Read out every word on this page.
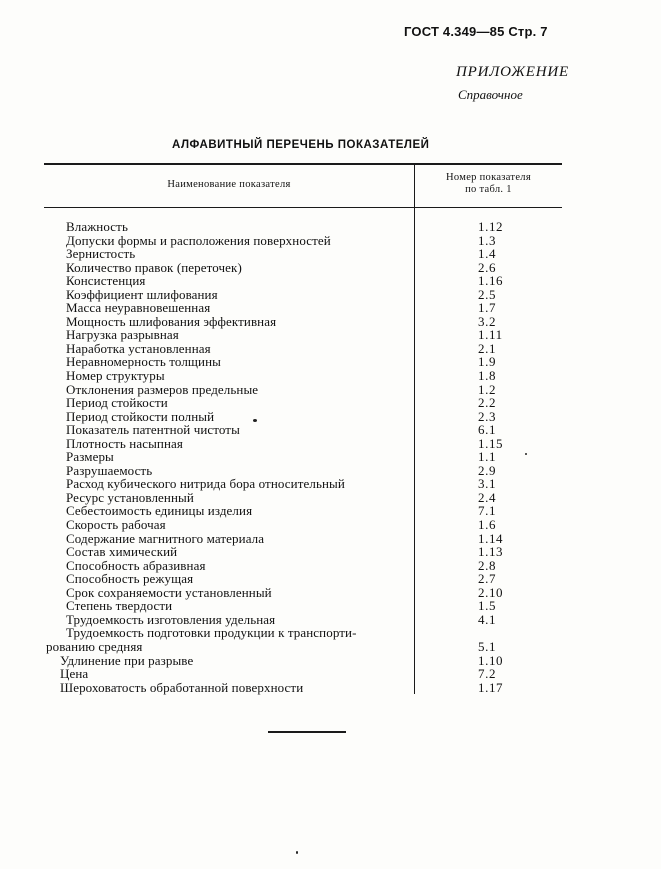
ГОСТ 4.349—85 Стр. 7
ПРИЛОЖЕНИЕ
Справочное
АЛФАВИТНЫЙ ПЕРЕЧЕНЬ ПОКАЗАТЕЛЕЙ
Наименование показателя
Номер показателя
по табл. 1
Влажность	1.12
Допуски формы и расположения поверхностей	1.3
Зернистость	1.4
Количество правок (переточек)	2.6
Консистенция	1.16
Коэффициент шлифования	2.5
Масса неуравновешенная	1.7
Мощность шлифования эффективная	3.2
Нагрузка разрывная	1.11
Наработка установленная	2.1
Неравномерность толщины	1.9
Номер структуры	1.8
Отклонения размеров предельные	1.2
Период стойкости	2.2
Период стойкости полный	2.3
Показатель патентной чистоты	6.1
Плотность насыпная	1.15
Размеры	1.1
Разрушаемость	2.9
Расход кубического нитрида бора относительный	3.1
Ресурс установленный	2.4
Себестоимость единицы изделия	7.1
Скорость рабочая	1.6
Содержание магнитного материала	1.14
Состав химический	1.13
Способность абразивная	2.8
Способность режущая	2.7
Срок сохраняемости установленный	2.10
Степень твердости	1.5
Трудоемкость изготовления удельная	4.1
Трудоемкость подготовки продукции к транспорти-
рованию средняя	5.1
Удлинение при разрыве	1.10
Цена	7.2
Шероховатость обработанной поверхности	1.17
